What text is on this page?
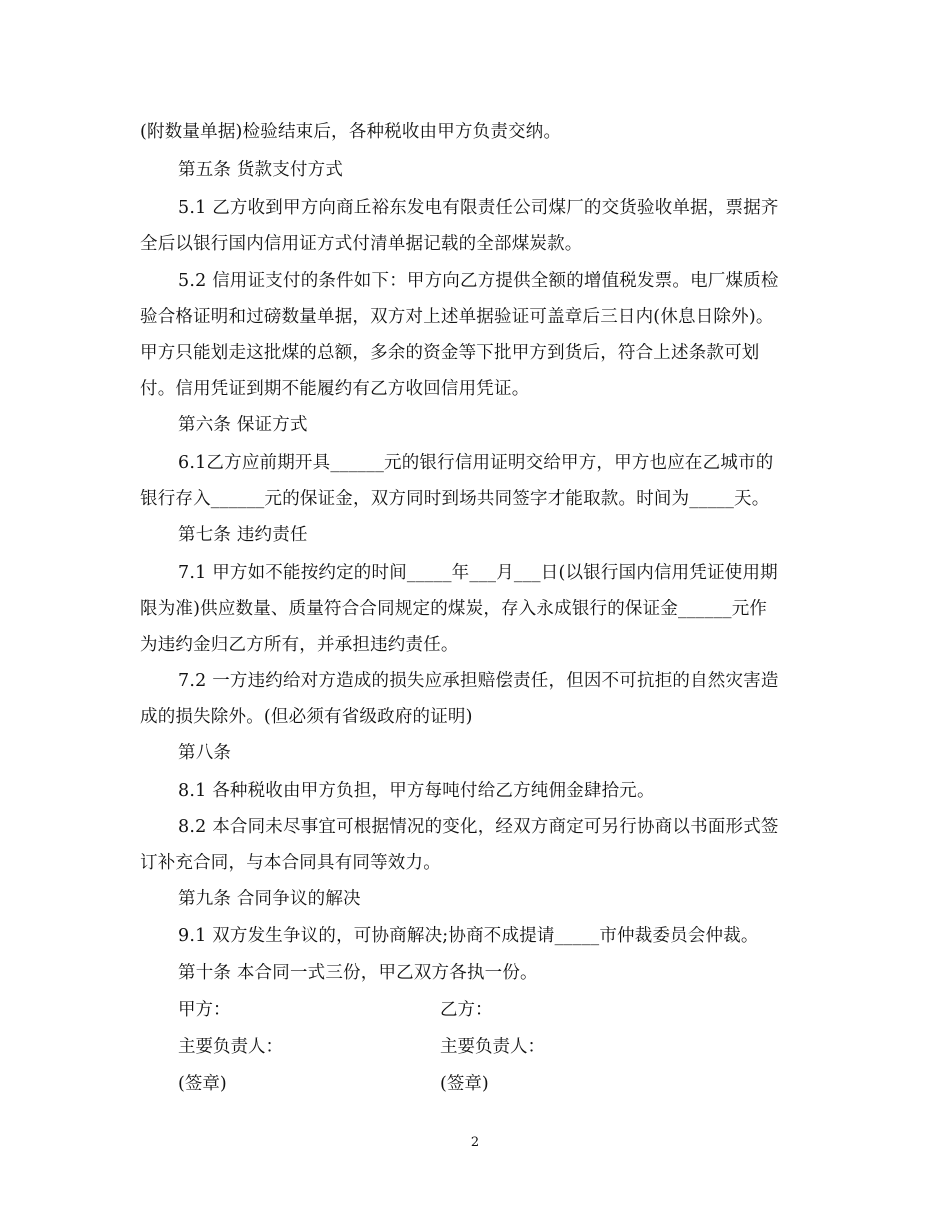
(附数量单据)检验结束后，各种税收由甲方负责交纳。
第五条 货款支付方式
5.1 乙方收到甲方向商丘裕东发电有限责任公司煤厂的交货验收单据，票据齐
全后以银行国内信用证方式付清单据记载的全部煤炭款。
5.2 信用证支付的条件如下：甲方向乙方提供全额的增值税发票。电厂煤质检
验合格证明和过磅数量单据，双方对上述单据验证可盖章后三日内(休息日除外)。
甲方只能划走这批煤的总额，多余的资金等下批甲方到货后，符合上述条款可划
付。信用凭证到期不能履约有乙方收回信用凭证。
第六条 保证方式
6.1乙方应前期开具______元的银行信用证明交给甲方，甲方也应在乙城市的
银行存入______元的保证金，双方同时到场共同签字才能取款。时间为_____天。
第七条 违约责任
7.1 甲方如不能按约定的时间_____年___月___日(以银行国内信用凭证使用期
限为准)供应数量、质量符合合同规定的煤炭，存入永成银行的保证金______元作
为违约金归乙方所有，并承担违约责任。
7.2 一方违约给对方造成的损失应承担赔偿责任，但因不可抗拒的自然灾害造
成的损失除外。(但必须有省级政府的证明)
第八条
8.1 各种税收由甲方负担，甲方每吨付给乙方纯佣金肆拾元。
8.2 本合同未尽事宜可根据情况的变化，经双方商定可另行协商以书面形式签
订补充合同，与本合同具有同等效力。
第九条 合同争议的解决
9.1 双方发生争议的，可协商解决;协商不成提请_____市仲裁委员会仲裁。
第十条 本合同一式三份，甲乙双方各执一份。
甲方：	乙方：
主要负责人：	主要负责人：
(签章)	(签章)
2
